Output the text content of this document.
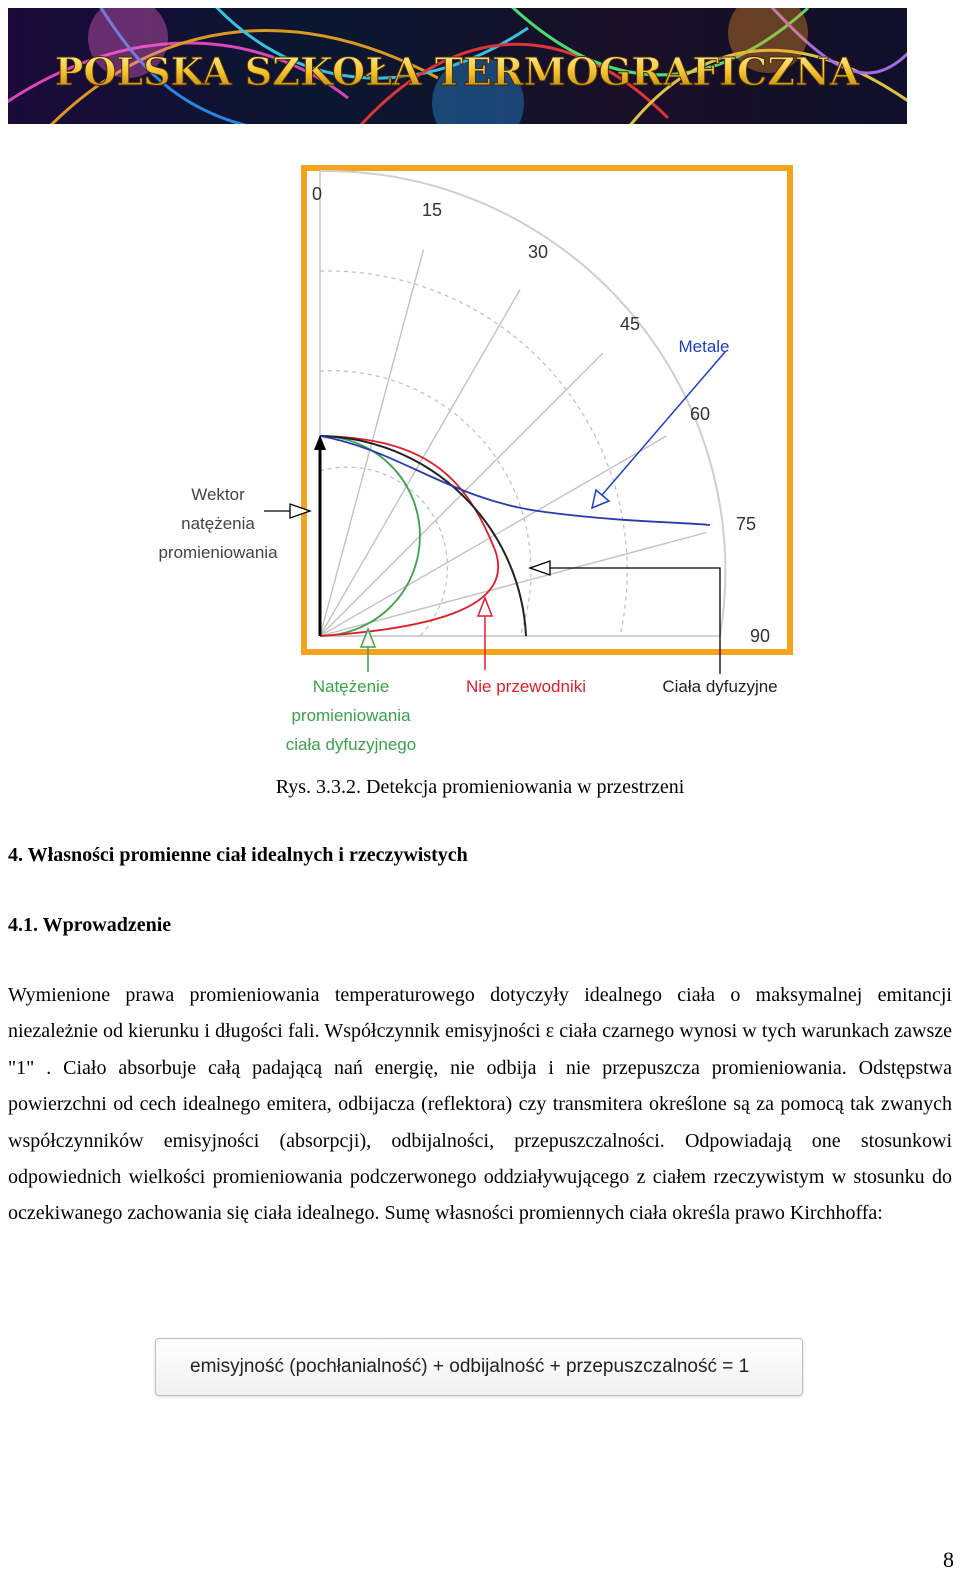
POLSKA SZKOŁA TERMOGRAFICZNA
0
15
30
45
60
75
90
Wektor
natężenia
promieniowania
Metale
Natężenie
promieniowania
ciała dyfuzyjnego
Nie przewodniki	Ciała dyfuzyjne
Rys. 3.3.2. Detekcja promieniowania w przestrzeni
4. Własności promienne ciał idealnych i rzeczywistych
4.1. Wprowadzenie
Wymienione prawa promieniowania temperaturowego dotyczyły idealnego ciała o maksymalnej emitancji niezależnie od kierunku i długości fali. Współczynnik emisyjności ε ciała czarnego wynosi w tych warunkach zawsze "1" . Ciało absorbuje całą padającą nań energię, nie odbija i nie przepuszcza promieniowania. Odstępstwa powierzchni od cech idealnego emitera, odbijacza (reflektora) czy transmitera określone są za pomocą tak zwanych współczynników emisyjności (absorpcji), odbijalności, przepuszczalności. Odpowiadają one stosunkowi odpowiednich wielkości promieniowania podczerwonego oddziaływującego z ciałem rzeczywistym w stosunku do oczekiwanego zachowania się ciała idealnego. Sumę własności promiennych ciała określa prawo Kirchhoffa:
emisyjność (pochłanialność) + odbijalność + przepuszczalność = 1
8
